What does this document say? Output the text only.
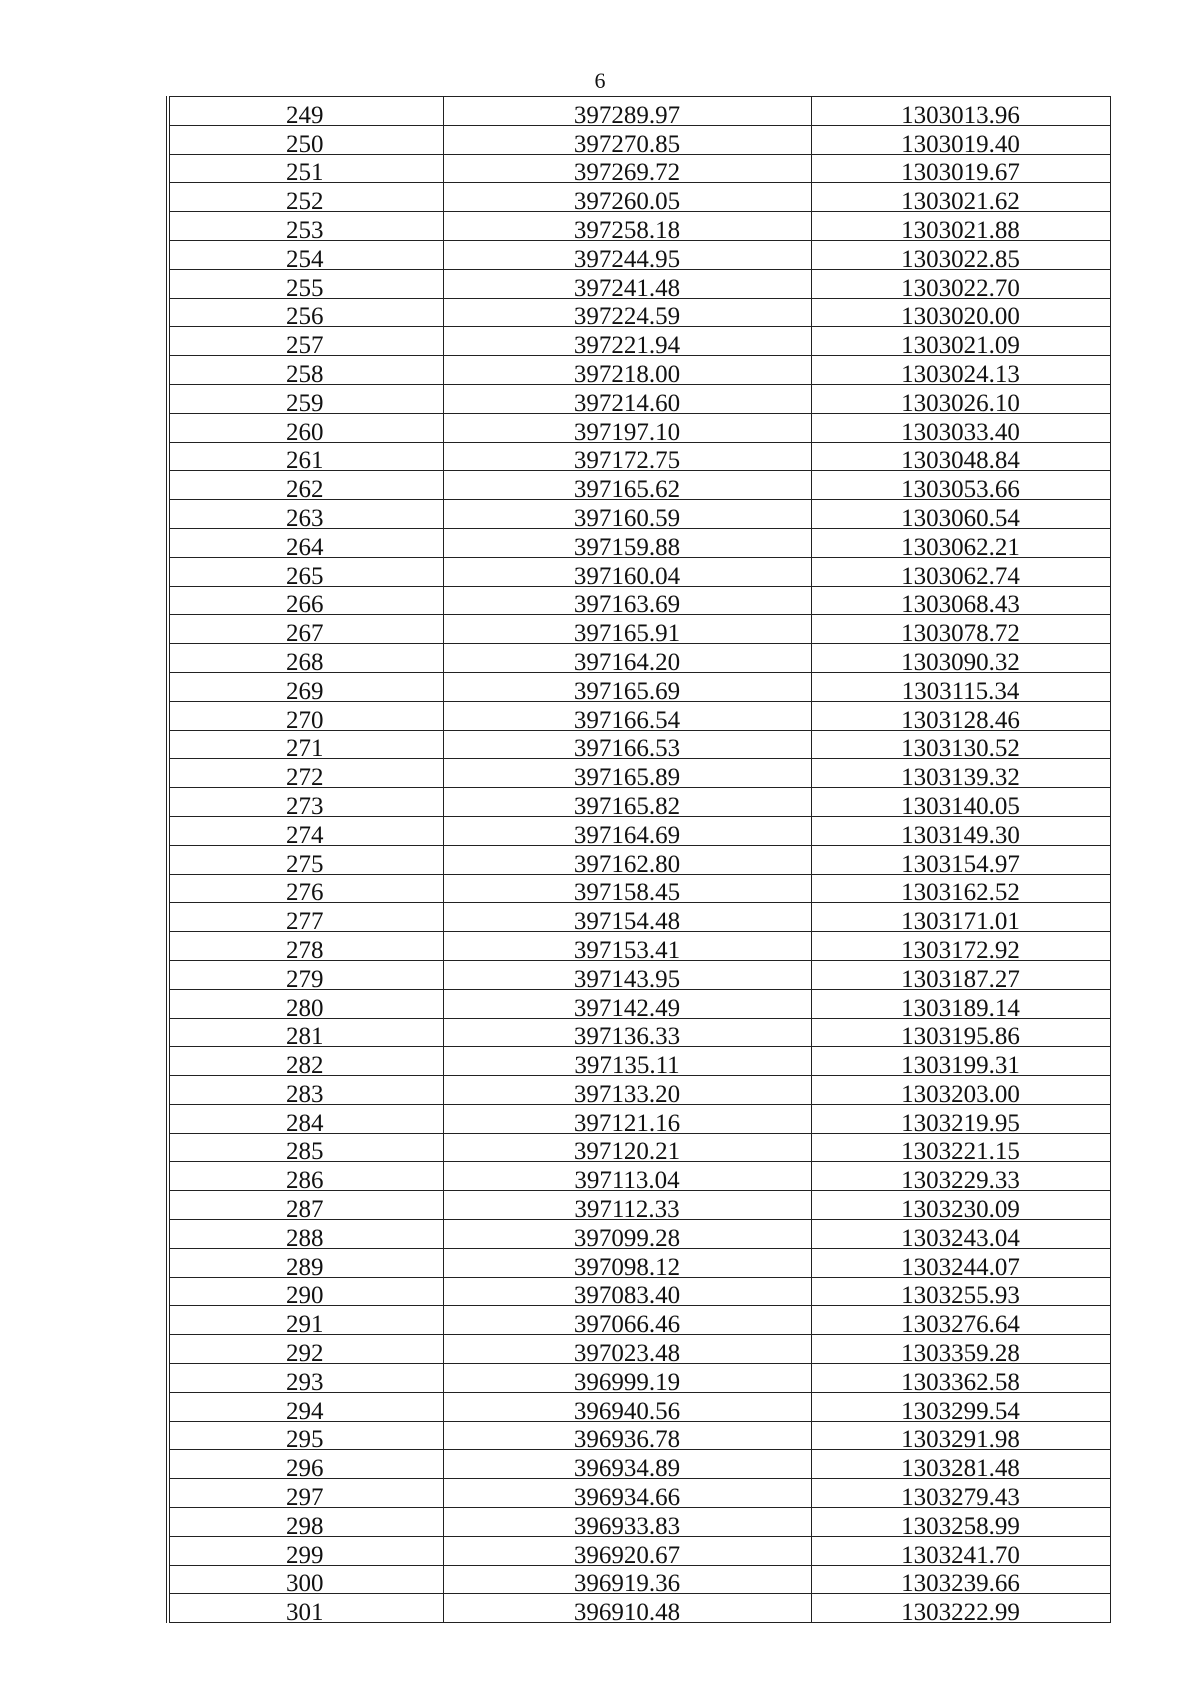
6
249	397289.97	1303013.96
250	397270.85	1303019.40
251	397269.72	1303019.67
252	397260.05	1303021.62
253	397258.18	1303021.88
254	397244.95	1303022.85
255	397241.48	1303022.70
256	397224.59	1303020.00
257	397221.94	1303021.09
258	397218.00	1303024.13
259	397214.60	1303026.10
260	397197.10	1303033.40
261	397172.75	1303048.84
262	397165.62	1303053.66
263	397160.59	1303060.54
264	397159.88	1303062.21
265	397160.04	1303062.74
266	397163.69	1303068.43
267	397165.91	1303078.72
268	397164.20	1303090.32
269	397165.69	1303115.34
270	397166.54	1303128.46
271	397166.53	1303130.52
272	397165.89	1303139.32
273	397165.82	1303140.05
274	397164.69	1303149.30
275	397162.80	1303154.97
276	397158.45	1303162.52
277	397154.48	1303171.01
278	397153.41	1303172.92
279	397143.95	1303187.27
280	397142.49	1303189.14
281	397136.33	1303195.86
282	397135.11	1303199.31
283	397133.20	1303203.00
284	397121.16	1303219.95
285	397120.21	1303221.15
286	397113.04	1303229.33
287	397112.33	1303230.09
288	397099.28	1303243.04
289	397098.12	1303244.07
290	397083.40	1303255.93
291	397066.46	1303276.64
292	397023.48	1303359.28
293	396999.19	1303362.58
294	396940.56	1303299.54
295	396936.78	1303291.98
296	396934.89	1303281.48
297	396934.66	1303279.43
298	396933.83	1303258.99
299	396920.67	1303241.70
300	396919.36	1303239.66
301	396910.48	1303222.99
